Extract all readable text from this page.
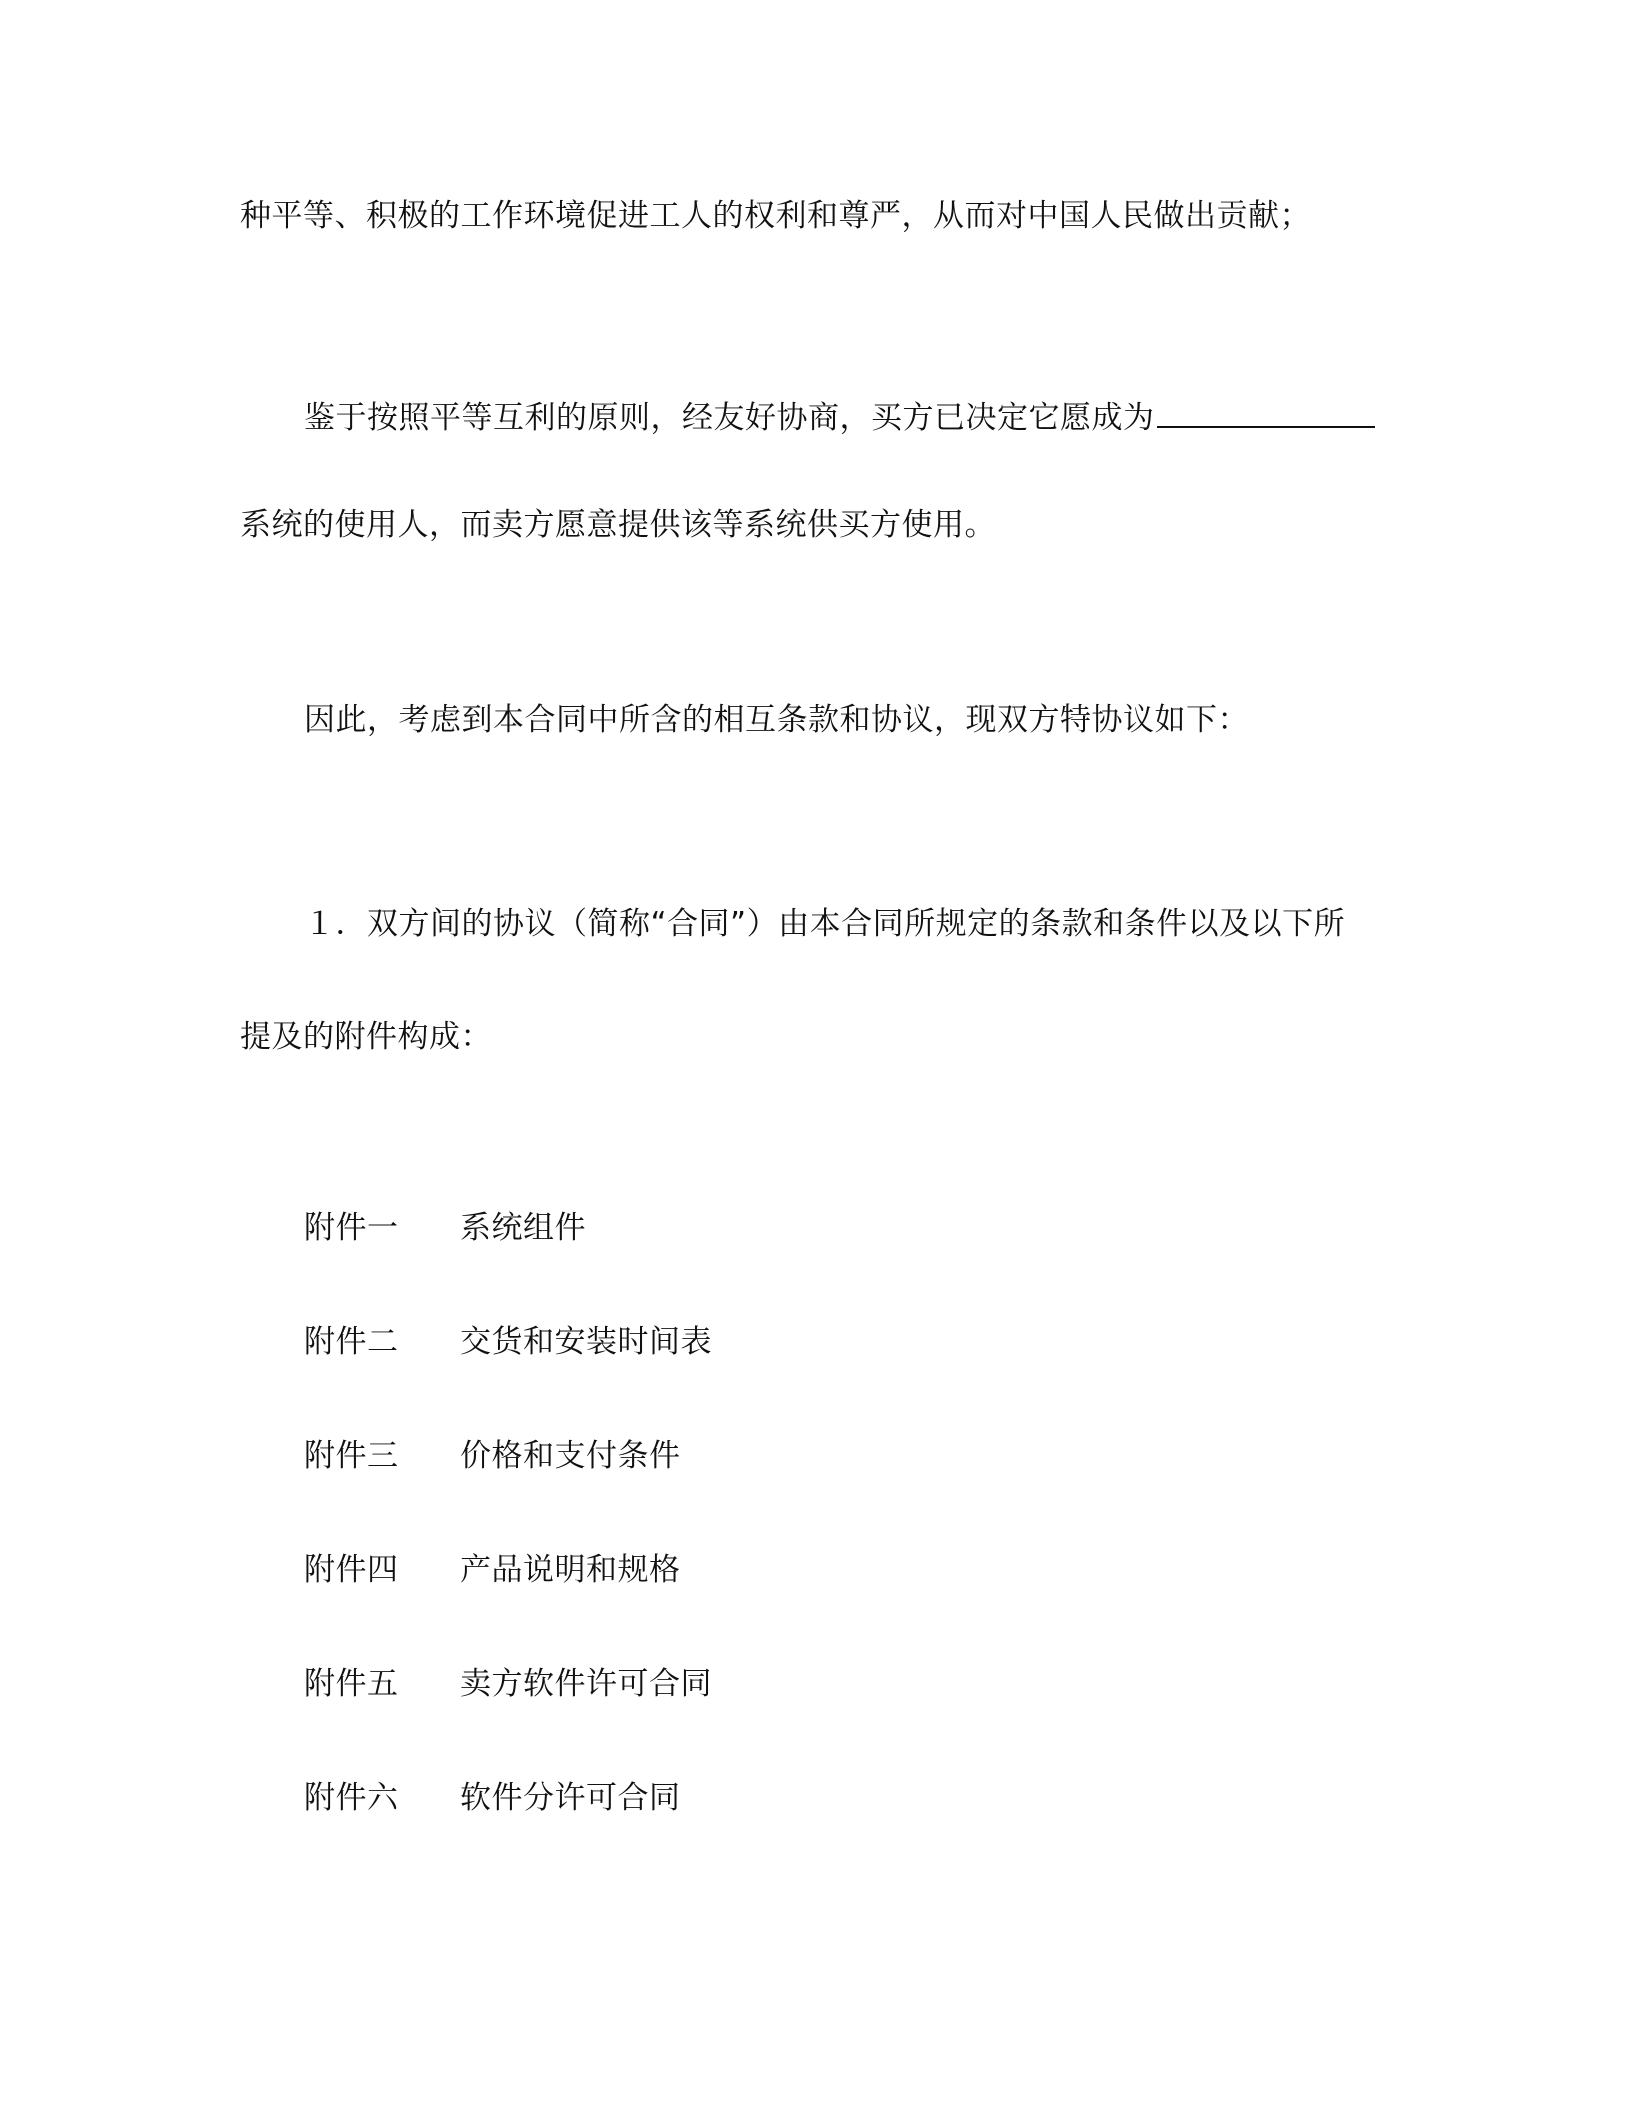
种平等、积极的工作环境促进工人的权利和尊严，从而对中国人民做出贡献；
鉴于按照平等互利的原则，经友好协商，买方已决定它愿成为
系统的使用人，而卖方愿意提供该等系统供买方使用。
因此，考虑到本合同中所含的相互条款和协议，现双方特协议如下：
１．双方间的协议（简称“合同”）由本合同所规定的条款和条件以及以下所
提及的附件构成：
附件一 系统组件
附件二 交货和安装时间表
附件三 价格和支付条件
附件四 产品说明和规格
附件五 卖方软件许可合同
附件六 软件分许可合同
